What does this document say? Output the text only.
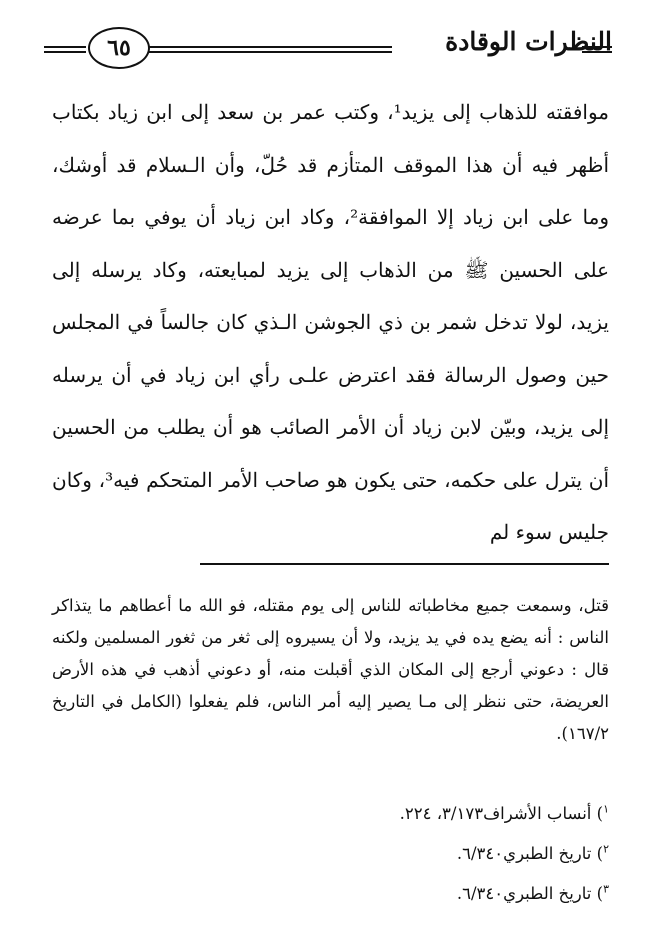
٦٥	النظرات الوقادة

موافقته للذهاب إلى يزيد¹، وكتب عمر بن سعد إلى ابن زياد بكتاب أظهر فيه أن هذا الموقف المتأزم قد حُلّ، وأن الـسلام قد أوشك، وما على ابن زياد إلا الموافقة²، وكاد ابن زياد أن يوفي بما عرضه على الحسين ﷺ من الذهاب إلى يزيد لمبايعته، وكاد يرسله إلى يزيد، لولا تدخل شمر بن ذي الجوشن الـذي كان جالساً في المجلس حين وصول الرسالة فقد اعترض علـى رأي ابن زياد في أن يرسله إلى يزيد، وبيّن لابن زياد أن الأمر الصائب هو أن يطلب من الحسين أن يترل على حكمه، حتى يكون هو صاحب الأمر المتحكم فيه³، وكان جليس سوء لم

قتل، وسمعت جميع مخاطباته للناس إلى يوم مقتله، فو الله ما أعطاهم ما يتذاكر الناس : أنه يضع يده في يد يزيد، ولا أن يسيروه إلى ثغر من ثغور المسلمين ولكنه قال : دعوني أرجع إلى المكان الذي أقبلت منه، أو دعوني أذهب في هذه الأرض العريضة، حتى ننظر إلى مـا يصير إليه أمر الناس، فلم يفعلوا (الكامل في التاريخ ١٦٧/٢).

$^١$) أنساب الأشراف٣/١٧٣، ٢٢٤.
$^٢$) تاريخ الطبري٦/٣٤٠.
$^٣$) تاريخ الطبري٦/٣٤٠.
